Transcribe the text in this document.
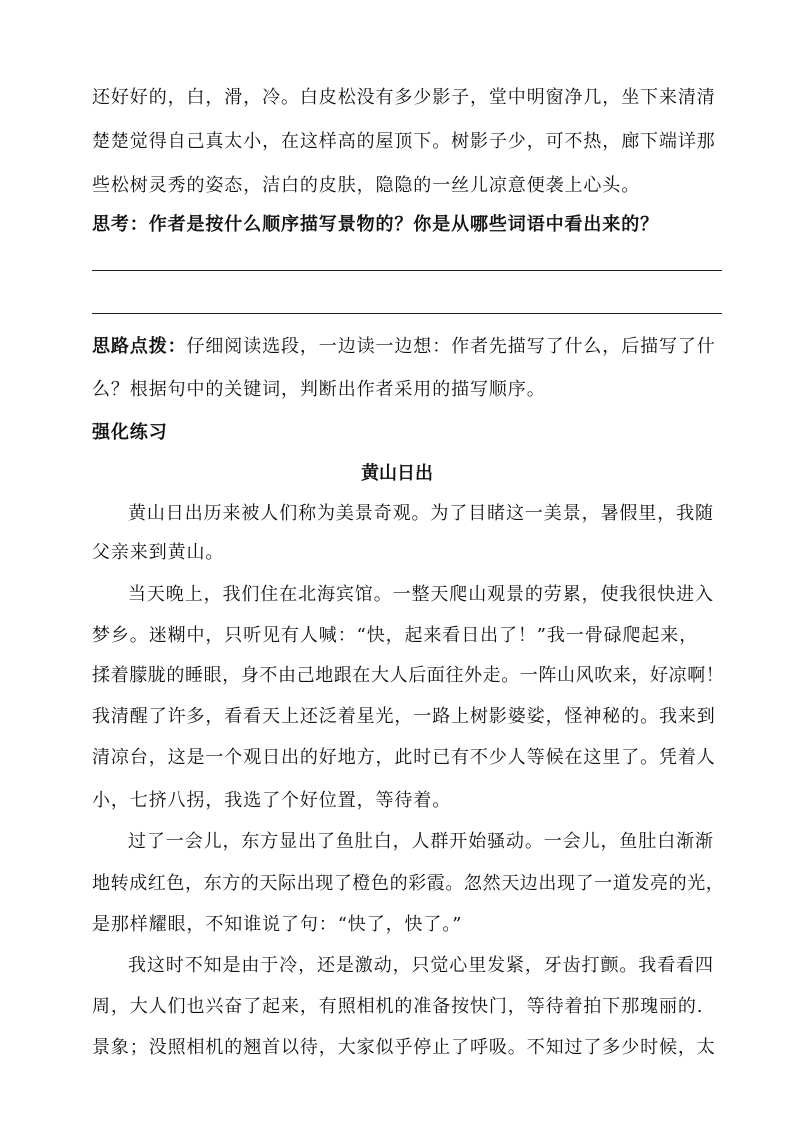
还好好的，白，滑，冷。白皮松没有多少影子，堂中明窗净几，坐下来清清
楚楚觉得自己真太小，在这样高的屋顶下。树影子少，可不热，廊下端详那
些松树灵秀的姿态，洁白的皮肤，隐隐的一丝儿凉意便袭上心头。
思考：作者是按什么顺序描写景物的？你是从哪些词语中看出来的？
思路点拨：仔细阅读选段，一边读一边想：作者先描写了什么，后描写了什
么？根据句中的关键词，判断出作者采用的描写顺序。
强化练习
黄山日出
黄山日出历来被人们称为美景奇观。为了目睹这一美景，暑假里，我随
父亲来到黄山。
当天晚上，我们住在北海宾馆。一整天爬山观景的劳累，使我很快进入
梦乡。迷糊中，只听见有人喊：“快，起来看日出了！”我一骨碌爬起来，
揉着朦胧的睡眼，身不由己地跟在大人后面往外走。一阵山风吹来，好凉啊！
我清醒了许多，看看天上还泛着星光，一路上树影婆娑，怪神秘的。我来到
清凉台，这是一个观日出的好地方，此时已有不少人等候在这里了。凭着人
小，七挤八拐，我选了个好位置，等待着。
过了一会儿，东方显出了鱼肚白，人群开始骚动。一会儿，鱼肚白渐渐
地转成红色，东方的天际出现了橙色的彩霞。忽然天边出现了一道发亮的光，
是那样耀眼，不知谁说了句：“快了，快了。”
我这时不知是由于冷，还是激动，只觉心里发紧，牙齿打颤。我看看四
周，大人们也兴奋了起来，有照相机的准备按快门，等待着拍下那瑰丽的.
景象；没照相机的翘首以待，大家似乎停止了呼吸。不知过了多少时候，太
